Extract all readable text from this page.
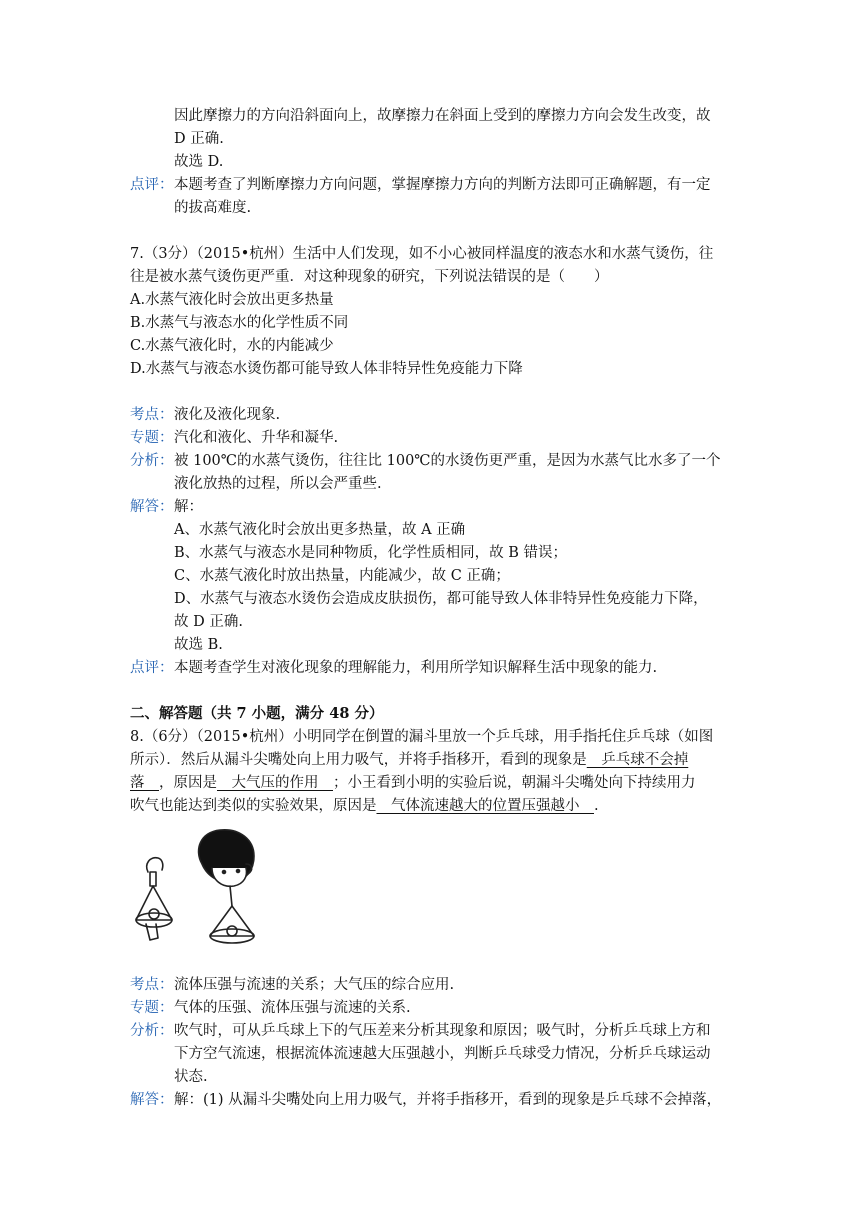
因此摩擦力的方向沿斜面向上，故摩擦力在斜面上受到的摩擦力方向会发生改变，故
D 正确.
故选 D.
点评： 本题考查了判断摩擦力方向问题，掌握摩擦力方向的判断方法即可正确解题，有一定
的拔高难度.
7.（3分）（2015•杭州）生活中人们发现，如不小心被同样温度的液态水和水蒸气烫伤，往
往是被水蒸气烫伤更严重．对这种现象的研究，下列说法错误的是（　　）
A.水蒸气液化时会放出更多热量
B.水蒸气与液态水的化学性质不同
C.水蒸气液化时，水的内能减少
D.水蒸气与液态水烫伤都可能导致人体非特异性免疫能力下降
考点： 液化及液化现象.
专题： 汽化和液化、升华和凝华.
分析： 被 100℃的水蒸气烫伤，往往比 100℃的水烫伤更严重，是因为水蒸气比水多了一个
液化放热的过程，所以会严重些.
解答： 解：
A、水蒸气液化时会放出更多热量，故 A 正确
B、水蒸气与液态水是同种物质，化学性质相同，故 B 错误；
C、水蒸气液化时放出热量，内能减少，故 C 正确；
D、水蒸气与液态水烫伤会造成皮肤损伤，都可能导致人体非特异性免疫能力下降，
故 D 正确.
故选 B.
点评： 本题考查学生对液化现象的理解能力，利用所学知识解释生活中现象的能力.
二、解答题（共 7 小题，满分 48 分）
8.（6分）（2015•杭州）小明同学在倒置的漏斗里放一个乒乓球，用手指托住乒乓球（如图
所示）．然后从漏斗尖嘴处向上用力吸气，并将手指移开，看到的现象是　乒乓球不会掉
落　，原因是　大气压的作用　；小王看到小明的实验后说，朝漏斗尖嘴处向下持续用力
吹气也能达到类似的实验效果，原因是　气体流速越大的位置压强越小　.
考点： 流体压强与流速的关系；大气压的综合应用.
专题： 气体的压强、流体压强与流速的关系.
分析： 吹气时，可从乒乓球上下的气压差来分析其现象和原因；吸气时，分析乒乓球上方和
下方空气流速，根据流体流速越大压强越小，判断乒乓球受力情况，分析乒乓球运动
状态.
解答： 解：(1) 从漏斗尖嘴处向上用力吸气，并将手指移开，看到的现象是乒乓球不会掉落，
